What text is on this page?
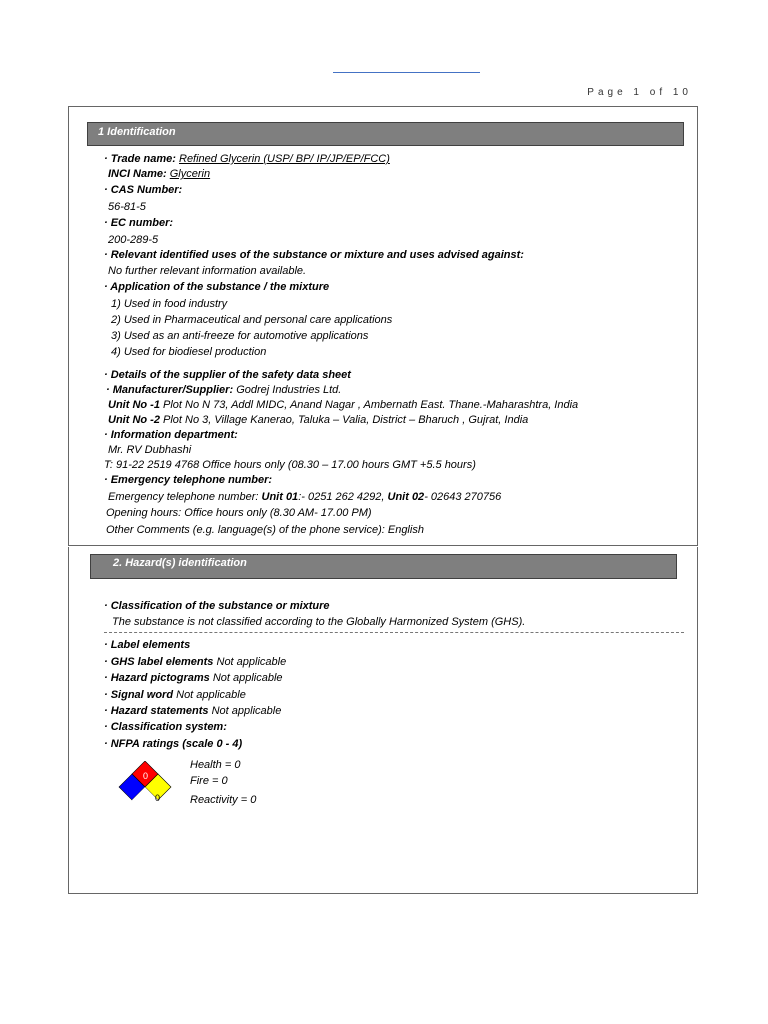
Page 1 of 10
1 Identification
· Trade name: Refined Glycerin (USP/ BP/ IP/JP/EP/FCC)
INCI Name: Glycerin
· CAS Number:
56-81-5
· EC number:
200-289-5
· Relevant identified uses of the substance or mixture and uses advised against:
No further relevant information available.
· Application of the substance / the mixture
1) Used in food industry
2) Used in Pharmaceutical and personal care applications
3) Used as an anti-freeze for automotive applications
4) Used for biodiesel production
· Details of the supplier of the safety data sheet
· Manufacturer/Supplier: Godrej Industries Ltd.
Unit No -1 Plot No N 73, Addl MIDC, Anand Nagar , Ambernath East. Thane.-Maharashtra, India
Unit No -2 Plot No 3, Village Kanerao, Taluka – Valia, District – Bharuch , Gujrat, India
· Information department:
Mr. RV Dubhashi
T: 91-22 2519 4768 Office hours only (08.30 – 17.00 hours GMT +5.5 hours)
· Emergency telephone number:
Emergency telephone number: Unit 01:- 0251 262 4292, Unit 02- 02643 270756
Opening hours: Office hours only (8.30 AM- 17.00 PM)
Other Comments (e.g. language(s) of the phone service): English
2. Hazard(s) identification
· Classification of the substance or mixture
The substance is not classified according to the Globally Harmonized System (GHS).
· Label elements
· GHS label elements Not applicable
· Hazard pictograms Not applicable
· Signal word Not applicable
· Hazard statements Not applicable
· Classification system:
· NFPA ratings (scale 0 - 4)
0
0	0
Health = 0
Fire = 0
Reactivity = 0
